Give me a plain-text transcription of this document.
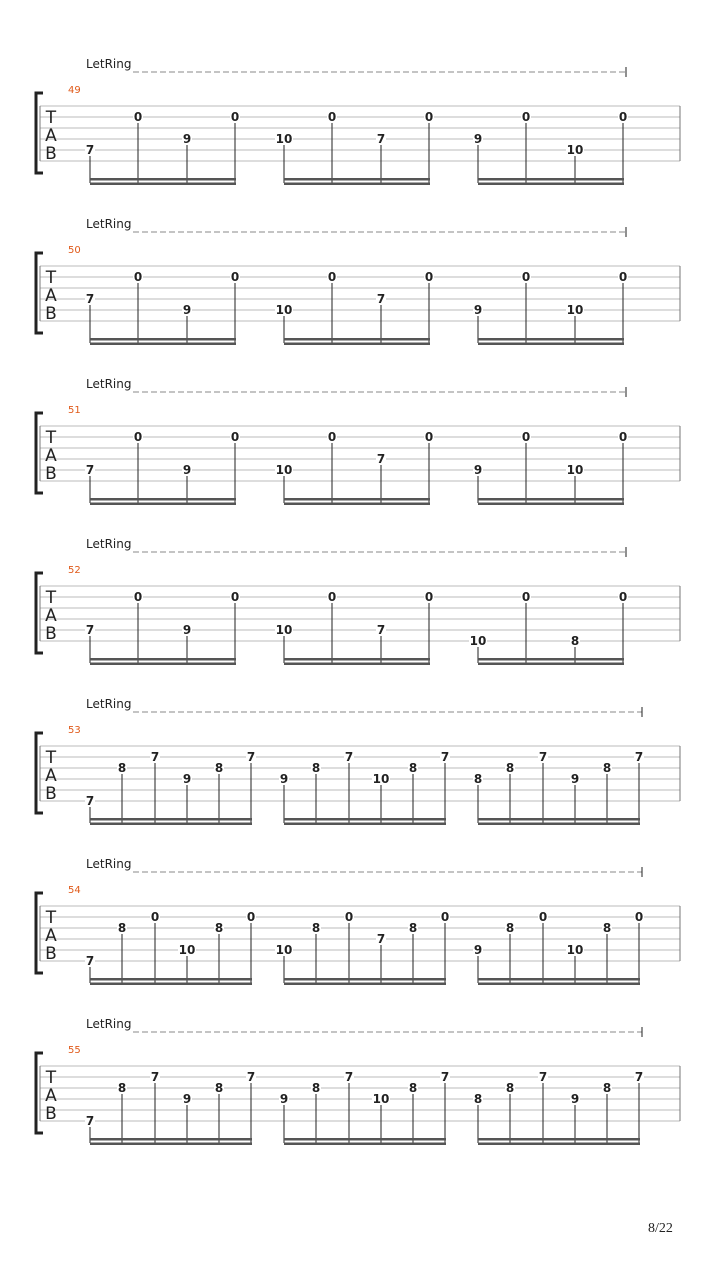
LetRing
49
T
A
B 7
0
9
0
10
0
7
0
9
0
10
0
LetRing
50
T
A
B
7
0
9
0
10
0
7
0
9
0
10
0
LetRing
51
T
A
B 7
0
9
0
10
0
7
0
9
0
10
0
LetRing
52
T
A
B 7
0
9
0
10
0
7
0
10
0
8
0
LetRing
53
T
A
B 7
8
7
9
8
7
9
8
7
10
8
7
8
8
7
9
8
7
LetRing
54
T
A
B 7
8
0
10
8
0
10
8
0
7
8
0
9
8
0
10
8
0
LetRing
55
T
A
B 7
8
7
9
8
7
9
8
7
10
8
7
8
8
7
9
8
7
8/22
